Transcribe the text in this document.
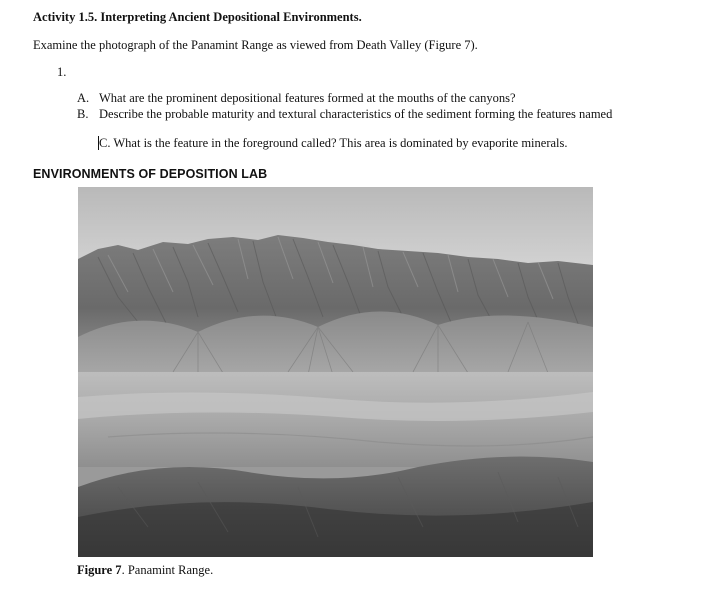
Activity 1.5. Interpreting Ancient Depositional Environments.
Examine the photograph of the Panamint Range as viewed from Death Valley (Figure 7).
1.
A. What are the prominent depositional features formed at the mouths of the canyons?
B. Describe the probable maturity and textural characteristics of the sediment forming the features named
C. What is the feature in the foreground called? This area is dominated by evaporite minerals.
ENVIRONMENTS OF DEPOSITION LAB
Figure 7. Panamint Range.
